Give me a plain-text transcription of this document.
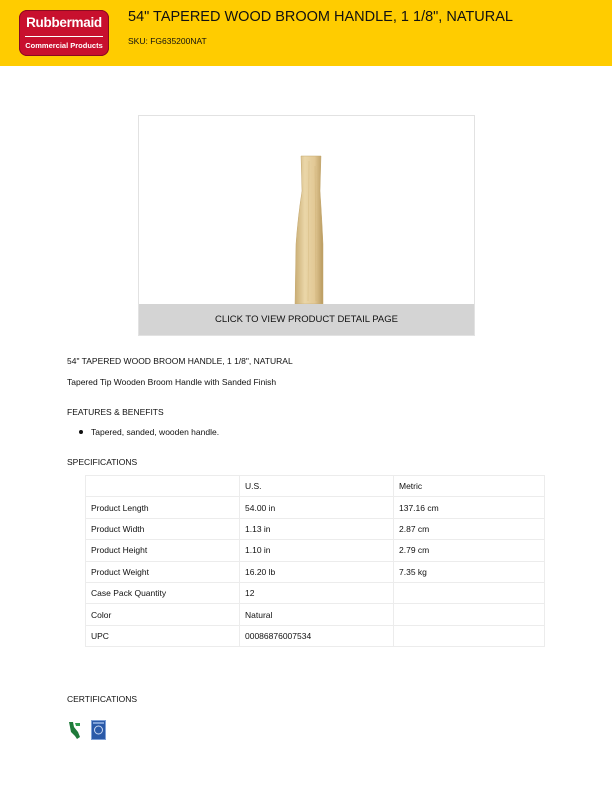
Rubbermaid
Commercial Products
54" TAPERED WOOD BROOM HANDLE, 1 1/8", NATURAL
SKU: FG635200NAT
CLICK TO VIEW PRODUCT DETAIL PAGE
54" TAPERED WOOD BROOM HANDLE, 1 1/8", NATURAL
Tapered Tip Wooden Broom Handle with Sanded Finish
FEATURES & BENEFITS
Tapered, sanded, wooden handle.
SPECIFICATIONS
	U.S.	Metric
Product Length	54.00 in	137.16 cm
Product Width	1.13 in	2.87 cm
Product Height	1.10 in	2.79 cm
Product Weight	16.20 lb	7.35 kg
Case Pack Quantity	12	
Color	Natural	
UPC	00086876007534	
CERTIFICATIONS
